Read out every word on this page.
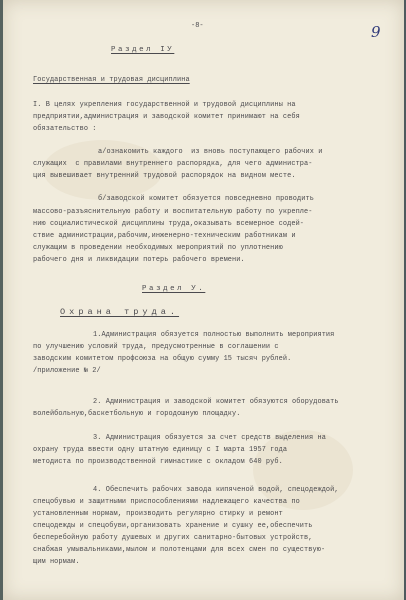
-8-	9
Раздел IУ
Государственная и трудовая дисциплина
I. В целях укрепления государственной и трудовой дисциплины на
предприятии,администрация и заводской комитет принимают на себя
обязательство :
а/ознакомить каждого  из вновь поступающего рабочих и
служащих  с правилами внутреннего распорядка, для чего администра-
ция вывешивает внутренний трудовой распорядок на видном месте.
б/заводской комитет обязуется повседневно проводить
массово-разъяснительную работу и воспитательную работу по укрепле-
нию социалистической дисциплины труда,оказывать всемерное содей-
ствие администрации,рабочим,инженерно-техническим работникам и
служащим в проведении необходимых мероприятий по уплотнению
рабочего дня и ликвидации потерь рабочего времени.
Раздел У.
Охрана труда.
1.Администрация обязуется полностью выполнить мероприятия
по улучшению условий труда, предусмотренные в соглашении с
заводским комитетом профсоюза на общую сумму 15 тысяч рублей.
/приложение № 2/
2. Администрация и заводской комитет обязуются оборудовать
волейбольную,баскетбольную и городошную площадку.
3. Администрация обязуется за счет средств выделения на
охрану труда ввести одну штатную единицу с I марта 1957 года
методиста по производственной гимнастике с окладом 640 руб.
4. Обеспечить рабочих завода кипяченой водой, спецодеждой,
спецобувью и защитными приспособлениями надлежащего качества по
установленным нормам, производить регулярно стирку и ремонт
спецодежды и спецобуви,организовать хранение и сушку ее,обеспечить
бесперебойную работу душевых и других санитарно-бытовых устройств,
снабжая умывальниками,мылом и полотенцами для всех смен по существую-
щим нормам.
